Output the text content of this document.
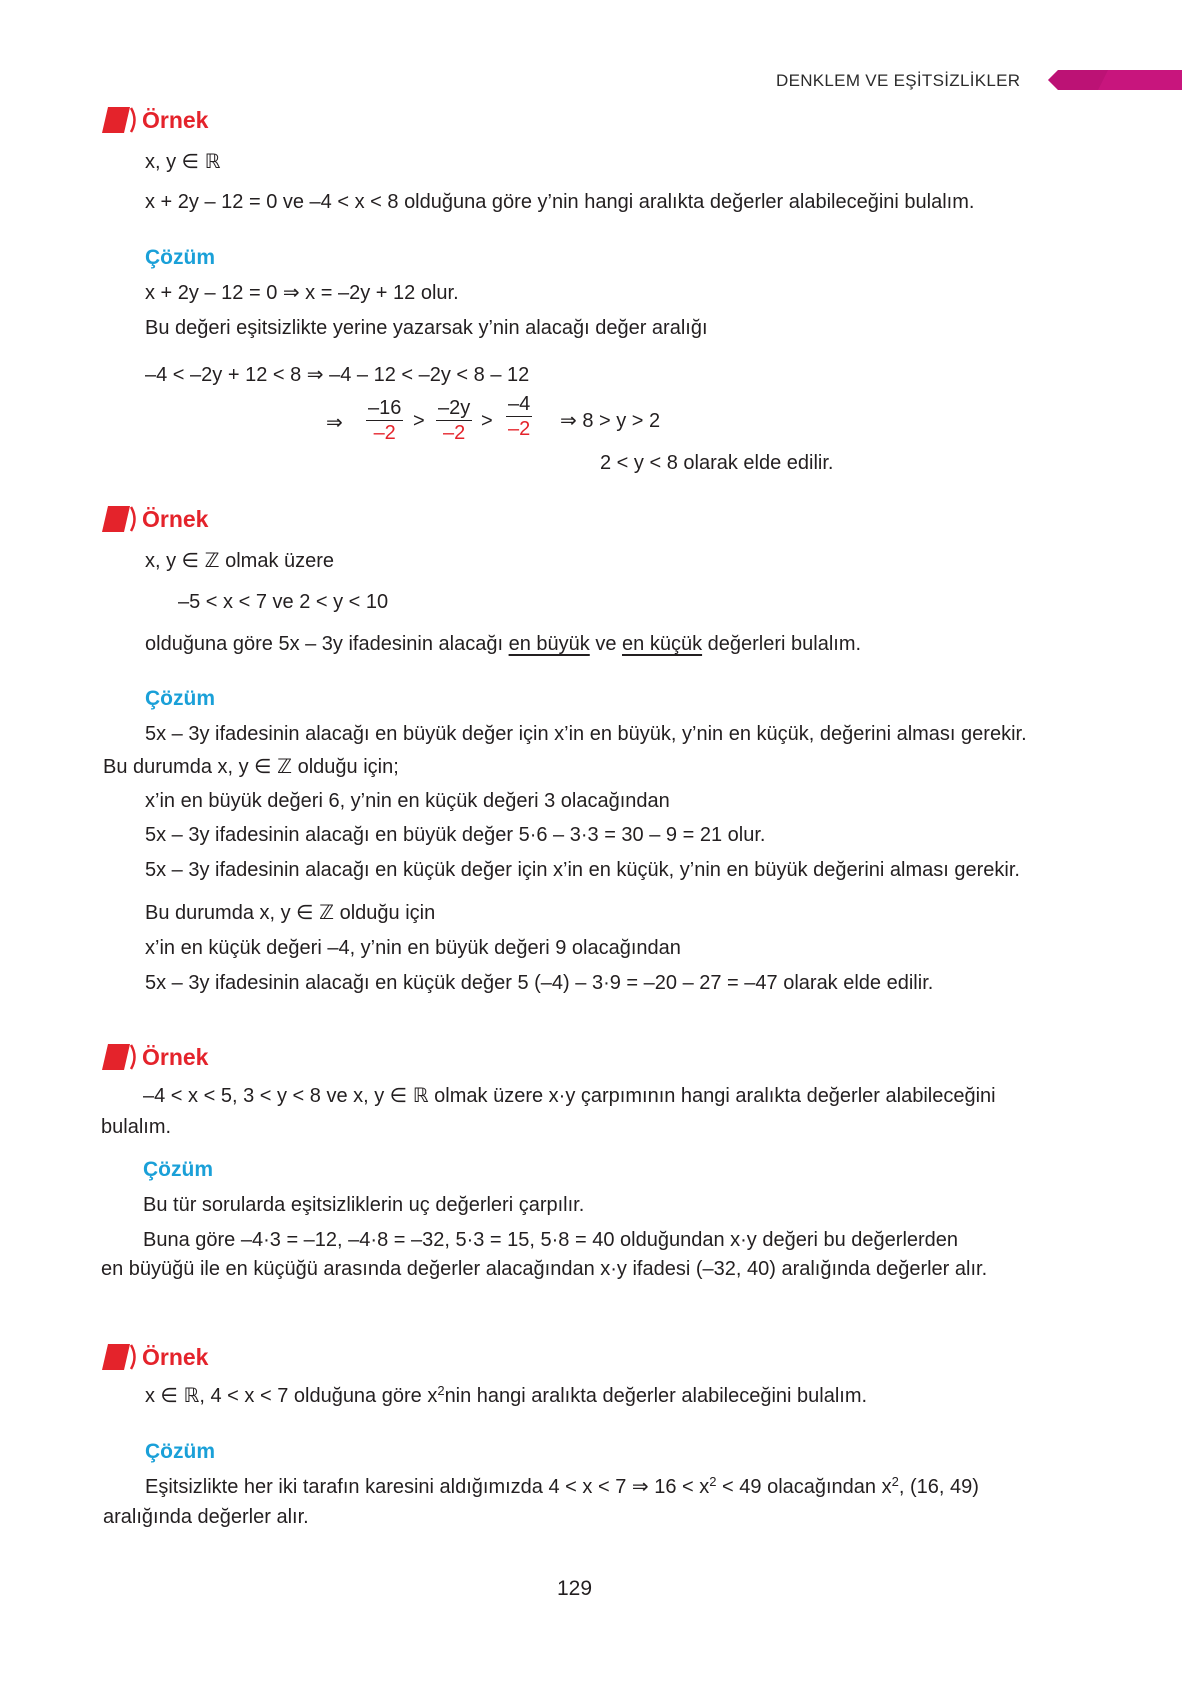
DENKLEM VE EŞİTSİZLİKLER
Örnek
x, y ∈ ℝ
x + 2y – 12 = 0 ve –4 < x < 8 olduğuna göre y’nin hangi aralıkta değerler alabileceğini bulalım.
Çözüm
x + 2y – 12 = 0 ⇒ x = –2y + 12 olur.
Bu değeri eşitsizlikte yerine yazarsak y’nin alacağı değer aralığı
–4 < –2y + 12 < 8 ⇒ –4 – 12 < –2y < 8 – 12
⇒ $\frac{-16}{-2} > \frac{-2y}{-2} > \frac{-4}{-2}$ ⇒ 8 > y > 2
2 < y < 8 olarak elde edilir.
Örnek
x, y ∈ ℤ olmak üzere
–5 < x < 7 ve 2 < y < 10
olduğuna göre 5x – 3y ifadesinin alacağı en büyük ve en küçük değerleri bulalım.
Çözüm
5x – 3y ifadesinin alacağı en büyük değer için x’in en büyük, y’nin en küçük, değerini alması gerekir.
Bu durumda x, y ∈ ℤ olduğu için;
x’in en büyük değeri 6, y’nin en küçük değeri 3 olacağından
5x – 3y ifadesinin alacağı en büyük değer 5·6 – 3·3 = 30 – 9 = 21 olur.
5x – 3y ifadesinin alacağı en küçük değer için x’in en küçük, y’nin en büyük değerini alması gerekir.
Bu durumda x, y ∈ ℤ olduğu için
x’in en küçük değeri –4, y’nin en büyük değeri 9 olacağından
5x – 3y ifadesinin alacağı en küçük değer 5 (–4) – 3·9 = –20 – 27 = –47 olarak elde edilir.
Örnek
–4 < x < 5, 3 < y < 8 ve x, y ∈ ℝ olmak üzere x·y çarpımının hangi aralıkta değerler alabileceğini
bulalım.
Çözüm
Bu tür sorularda eşitsizliklerin uç değerleri çarpılır.
Buna göre –4·3 = –12, –4·8 = –32, 5·3 = 15, 5·8 = 40 olduğundan x·y değeri bu değerlerden
en büyüğü ile en küçüğü arasında değerler alacağından x·y ifadesi (–32, 40) aralığında değerler alır.
Örnek
x ∈ ℝ, 4 < x < 7 olduğuna göre $x^2nin$ hangi aralıkta değerler alabileceğini bulalım.
Çözüm
Eşitsizlikte her iki tarafın karesini aldığımızda 4 < x < 7 ⇒ $16 < x^2 < 49$ olacağından $x^2$, (16, 49)
aralığında değerler alır.
129
